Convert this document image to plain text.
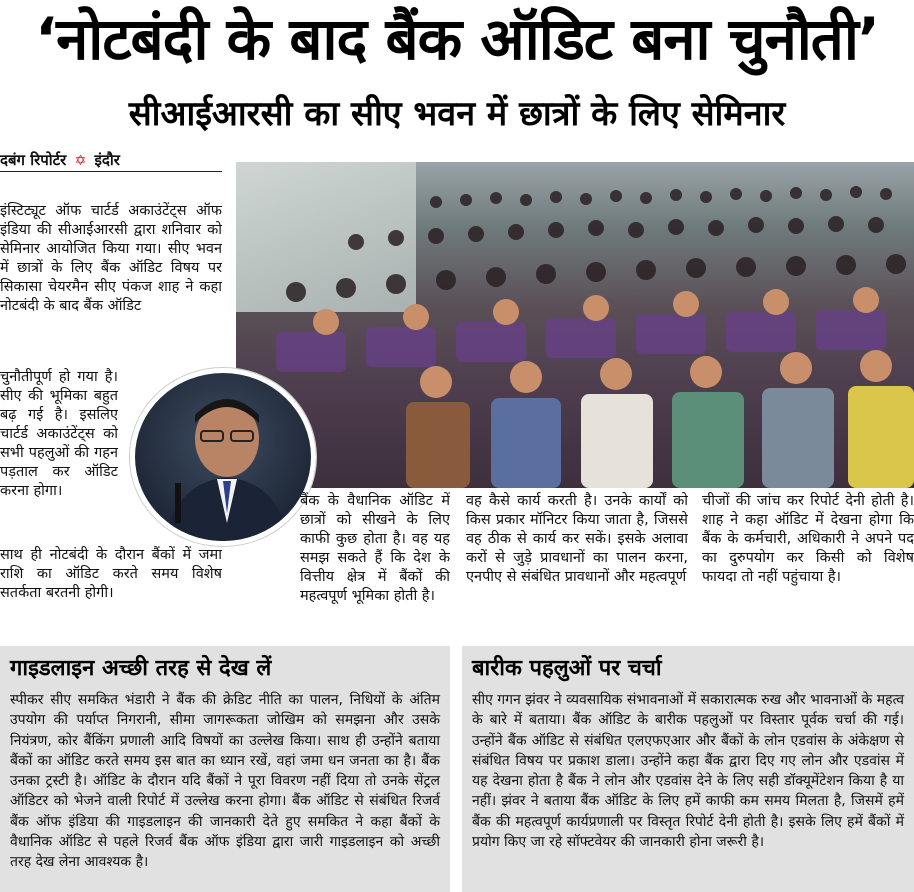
‘नोटबंदी के बाद बैंक ऑडिट बना चुनौती’
सीआईआरसी का सीए भवन में छात्रों के लिए सेमिनार
दबंग रिपोर्टर ✡ इंदौर
इंस्टिट्यूट ऑफ चार्टर्ड अकाउंटेंट्स ऑफ इंडिया की सीआईआरसी द्वारा शनिवार को सेमिनार आयोजित किया गया। सीए भवन में छात्रों के लिए बैंक ऑडिट विषय पर सिकासा चेयरमैन सीए पंकज शाह ने कहा नोटबंदी के बाद बैंक ऑडिट
चुनौतीपूर्ण हो गया है। सीए की भूमिका बहुत बढ़ गई है। इसलिए चार्टर्ड अकाउंटेंट्स को सभी पहलुओं की गहन पड़ताल कर ऑडिट करना होगा।
साथ ही नोटबंदी के दौरान बैंकों में जमा राशि का ऑडिट करते समय विशेष सतर्कता बरतनी होगी।
बैंक के वैधानिक ऑडिट में छात्रों को सीखने के लिए काफी कुछ होता है। वह यह समझ सकते हैं कि देश के वित्तीय क्षेत्र में बैंकों की महत्वपूर्ण भूमिका होती है।
वह कैसे कार्य करती है। उनके कार्यों को किस प्रकार मॉनिटर किया जाता है, जिससे वह ठीक से कार्य कर सकें। इसके अलावा करों से जुड़े प्रावधानों का पालन करना, एनपीए से संबंधित प्रावधानों और महत्वपूर्ण
चीजों की जांच कर रिपोर्ट देनी होती है। शाह ने कहा ऑडिट में देखना होगा कि बैंक के कर्मचारी, अधिकारी ने अपने पद का दुरुपयोग कर किसी को विशेष फायदा तो नहीं पहुंचाया है।
गाइडलाइन अच्छी तरह से देख लें
स्पीकर सीए समकित भंडारी ने बैंक की क्रेडिट नीति का पालन, निधियों के अंतिम उपयोग की पर्याप्त निगरानी, सीमा जागरूकता जोखिम को समझना और उसके नियंत्रण, कोर बैंकिंग प्रणाली आदि विषयों का उल्लेख किया। साथ ही उन्होंने बताया बैंकों का ऑडिट करते समय इस बात का ध्यान रखें, वहां जमा धन जनता का है। बैंक उनका ट्रस्टी है। ऑडिट के दौरान यदि बैंकों ने पूरा विवरण नहीं दिया तो उनके सेंट्रल ऑडिटर को भेजने वाली रिपोर्ट में उल्लेख करना होगा। बैंक ऑडिट से संबंधित रिजर्व बैंक ऑफ इंडिया की गाइडलाइन की जानकारी देते हुए समकित ने कहा बैंकों के वैधानिक ऑडिट से पहले रिजर्व बैंक ऑफ इंडिया द्वारा जारी गाइडलाइन को अच्छी तरह देख लेना आवश्यक है।
बारीक पहलुओं पर चर्चा
सीए गगन झंवर ने व्यवसायिक संभावनाओं में सकारात्मक रुख और भावनाओं के महत्व के बारे में बताया। बैंक ऑडिट के बारीक पहलुओं पर विस्तार पूर्वक चर्चा की गई। उन्होंने बैंक ऑडिट से संबंधित एलएफएआर और बैंकों के लोन एडवांस के अंकेक्षण से संबंधित विषय पर प्रकाश डाला। उन्होंने कहा बैंक द्वारा दिए गए लोन और एडवांस में यह देखना होता है बैंक ने लोन और एडवांस देने के लिए सही डॉक्यूमेंटेशन किया है या नहीं। झंवर ने बताया बैंक ऑडिट के लिए हमें काफी कम समय मिलता है, जिसमें हमें बैंक की महत्वपूर्ण कार्यप्रणाली पर विस्तृत रिपोर्ट देनी होती है। इसके लिए हमें बैंकों में प्रयोग किए जा रहे सॉफ्टवेयर की जानकारी होना जरूरी है।
